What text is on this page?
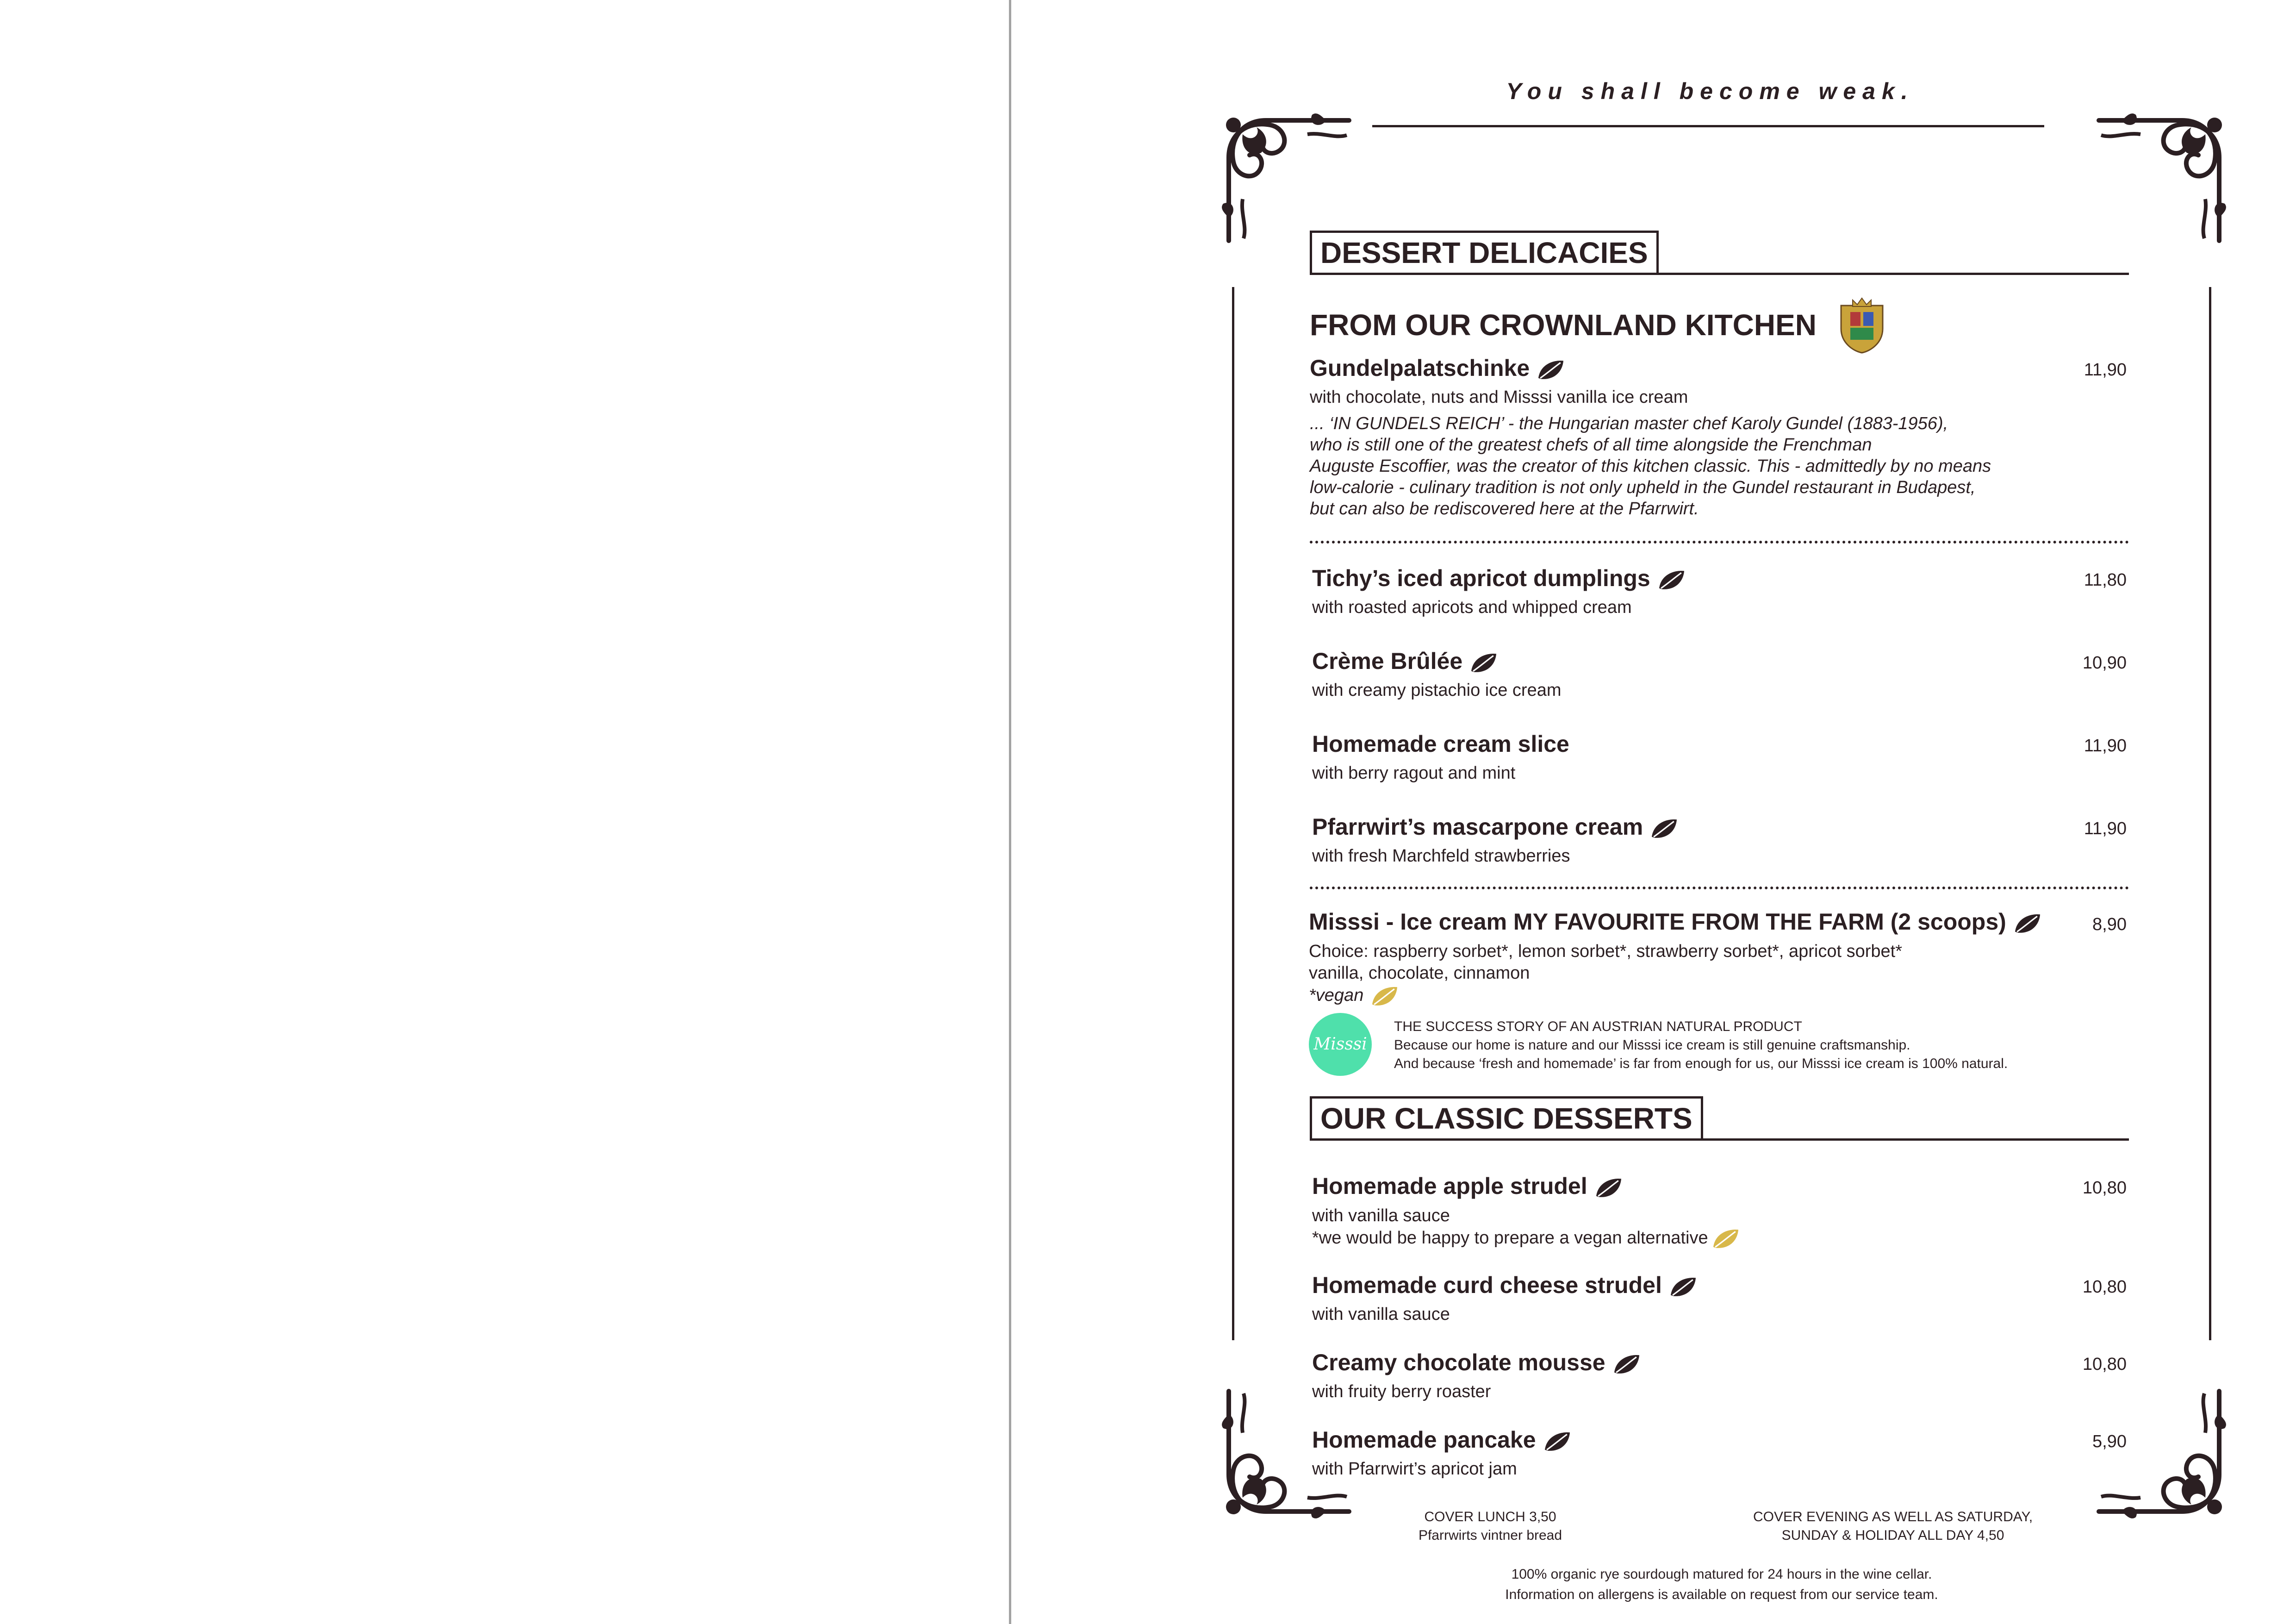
You shall become weak.
DESSERT DELICACIES
FROM OUR CROWNLAND KITCHEN
Gundelpalatschinke	11,90
with chocolate, nuts and Misssi vanilla ice cream
... ‘IN GUNDELS REICH’ - the Hungarian master chef Karoly Gundel (1883-1956),
who is still one of the greatest chefs of all time alongside the Frenchman
Auguste Escoffier, was the creator of this kitchen classic. This - admittedly by no means
low-calorie - culinary tradition is not only upheld in the Gundel restaurant in Budapest,
but can also be rediscovered here at the Pfarrwirt.
Tichy’s iced apricot dumplings	11,80
with roasted apricots and whipped cream
Crème Brûlée	10,90
with creamy pistachio ice cream
Homemade cream slice	11,90
with berry ragout and mint
Pfarrwirt’s mascarpone cream	11,90
with fresh Marchfeld strawberries
Misssi - Ice cream MY FAVOURITE FROM THE FARM (2 scoops)	8,90
Choice: raspberry sorbet*, lemon sorbet*, strawberry sorbet*, apricot sorbet*
vanilla, chocolate, cinnamon
*vegan
Misssi
THE SUCCESS STORY OF AN AUSTRIAN NATURAL PRODUCT
Because our home is nature and our Misssi ice cream is still genuine craftsmanship.
And because ‘fresh and homemade’ is far from enough for us, our Misssi ice cream is 100% natural.
OUR CLASSIC DESSERTS
Homemade apple strudel	10,80
with vanilla sauce
*we would be happy to prepare a vegan alternative
Homemade curd cheese strudel	10,80
with vanilla sauce
Creamy chocolate mousse	10,80
with fruity berry roaster
Homemade pancake	5,90
with Pfarrwirt’s apricot jam
COVER LUNCH 3,50
Pfarrwirts vintner bread
COVER EVENING AS WELL AS SATURDAY,
SUNDAY & HOLIDAY ALL DAY 4,50
100% organic rye sourdough matured for 24 hours in the wine cellar.
Information on allergens is available on request from our service team.
